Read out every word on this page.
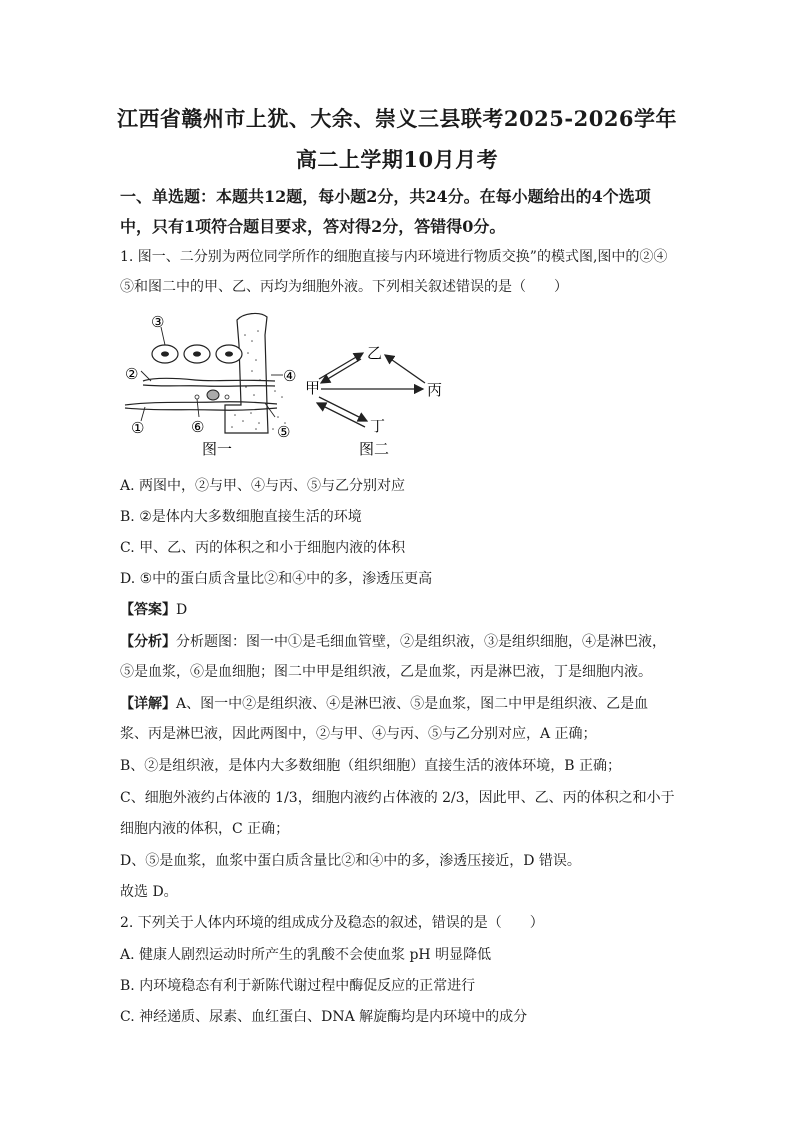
江西省赣州市上犹、大余、崇义三县联考2025-2026学年
高二上学期10月月考
一、单选题：本题共12题，每小题2分，共24分。在每小题给出的4个选项
中，只有1项符合题目要求，答对得2分，答错得0分。
1. 图一、二分别为两位同学所作的细胞直接与内环境进行物质交换”的模式图,图中的②④
⑤和图二中的甲、乙、丙均为细胞外液。下列相关叙述错误的是（　　）
③
②	④
①	⑥	⑤
图一
甲
乙
丙
丁
图二
A. 两图中，②与甲、④与丙、⑤与乙分别对应
B. ②是体内大多数细胞直接生活的环境
C. 甲、乙、丙的体积之和小于细胞内液的体积
D. ⑤中的蛋白质含量比②和④中的多，渗透压更高
【答案】D
【分析】分析题图：图一中①是毛细血管壁，②是组织液，③是组织细胞，④是淋巴液，
⑤是血浆，⑥是血细胞；图二中甲是组织液，乙是血浆，丙是淋巴液，丁是细胞内液。
【详解】A、图一中②是组织液、④是淋巴液、⑤是血浆，图二中甲是组织液、乙是血
浆、丙是淋巴液，因此两图中，②与甲、④与丙、⑤与乙分别对应，A 正确；
B、②是组织液，是体内大多数细胞（组织细胞）直接生活的液体环境，B 正确；
C、细胞外液约占体液的 1/3，细胞内液约占体液的 2/3，因此甲、乙、丙的体积之和小于
细胞内液的体积，C 正确；
D、⑤是血浆，血浆中蛋白质含量比②和④中的多，渗透压接近，D 错误。
故选 D。
2. 下列关于人体内环境的组成成分及稳态的叙述，错误的是（　　）
A. 健康人剧烈运动时所产生的乳酸不会使血浆 pH 明显降低
B. 内环境稳态有利于新陈代谢过程中酶促反应的正常进行
C. 神经递质、尿素、血红蛋白、DNA 解旋酶均是内环境中的成分
